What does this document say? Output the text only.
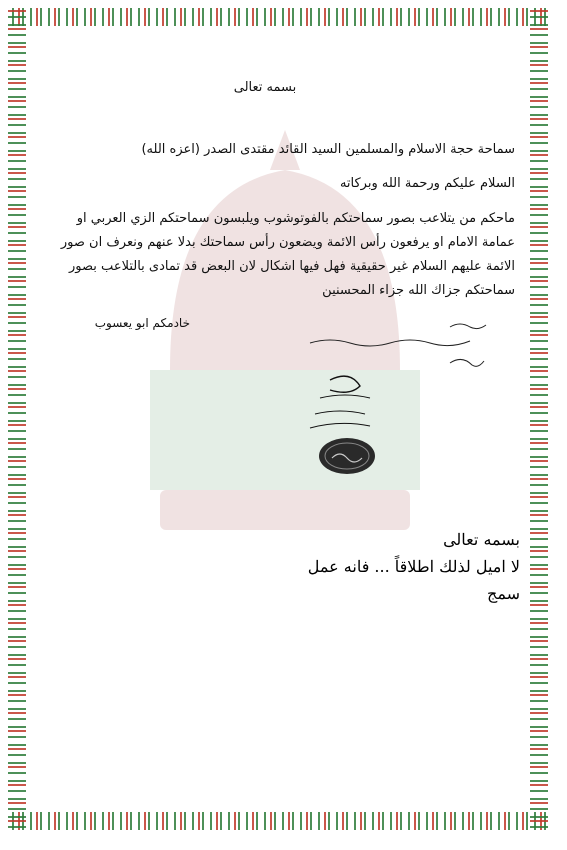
بسمه تعالى
سماحة حجة الاسلام والمسلمين السيد القائد مقتدى الصدر (اعزه الله)
السلام عليكم ورحمة الله وبركاته
ماحكم من يتلاعب بصور سماحتكم بالفوتوشوب ويلبسون سماحتكم الزي العربي او عمامة الامام او يرفعون رأس الائمة ويضعون رأس سماحتك بدلا عنهم ونعرف ان صور الائمة عليهم السلام غير حقيقية فهل فيها اشكال لان البعض قد تمادى بالتلاعب بصور سماحتكم جزاك الله جزاء المحسنين
خادمكم ابو يعسوب
بسمه تعالى
لا اميل لذلك اطلاقاً ... فانه عمل
سمج
